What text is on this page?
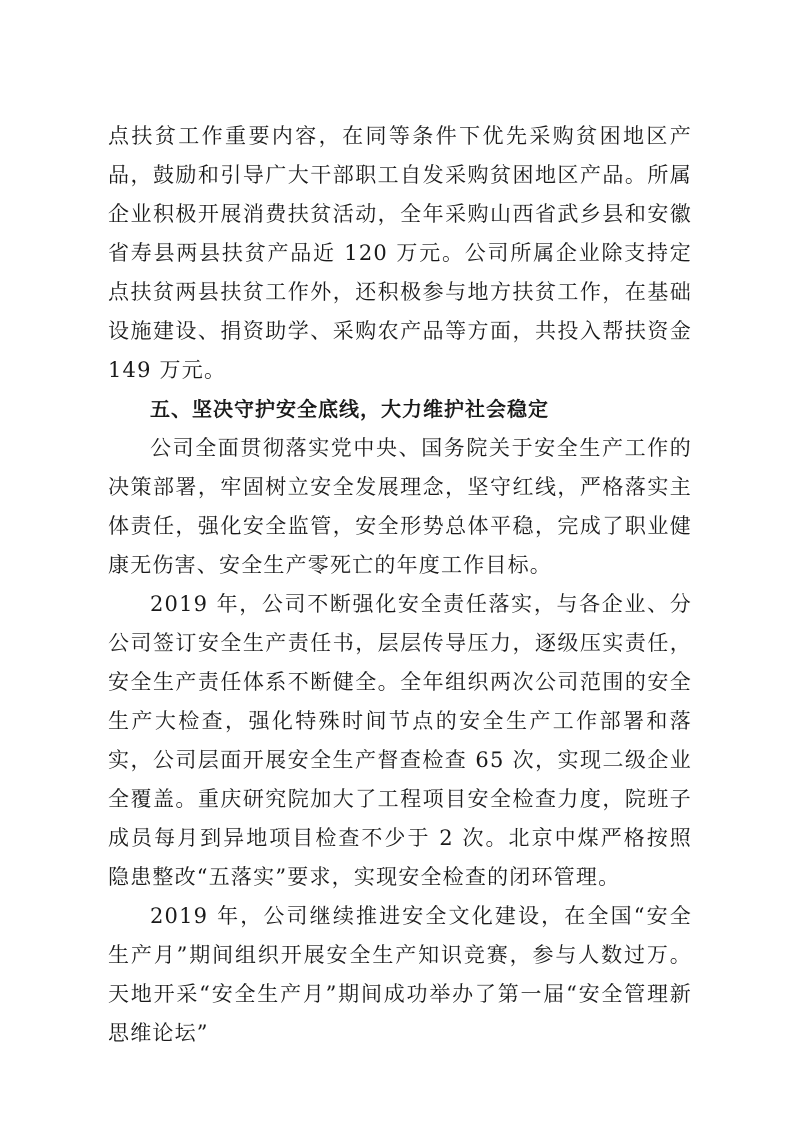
点扶贫工作重要内容，在同等条件下优先采购贫困地区产品，鼓励和引导广大干部职工自发采购贫困地区产品。所属企业积极开展消费扶贫活动，全年采购山西省武乡县和安徽省寿县两县扶贫产品近 120 万元。公司所属企业除支持定点扶贫两县扶贫工作外，还积极参与地方扶贫工作，在基础设施建设、捐资助学、采购农产品等方面，共投入帮扶资金 149 万元。

五、坚决守护安全底线，大力维护社会稳定

公司全面贯彻落实党中央、国务院关于安全生产工作的决策部署，牢固树立安全发展理念，坚守红线，严格落实主体责任，强化安全监管，安全形势总体平稳，完成了职业健康无伤害、安全生产零死亡的年度工作目标。

2019 年，公司不断强化安全责任落实，与各企业、分公司签订安全生产责任书，层层传导压力，逐级压实责任，安全生产责任体系不断健全。全年组织两次公司范围的安全生产大检查，强化特殊时间节点的安全生产工作部署和落实，公司层面开展安全生产督查检查 65 次，实现二级企业全覆盖。重庆研究院加大了工程项目安全检查力度，院班子成员每月到异地项目检查不少于 2 次。北京中煤严格按照隐患整改“五落实”要求，实现安全检查的闭环管理。

2019 年，公司继续推进安全文化建设，在全国“安全生产月”期间组织开展安全生产知识竞赛，参与人数过万。天地开采“安全生产月”期间成功举办了第一届“安全管理新思维论坛”
